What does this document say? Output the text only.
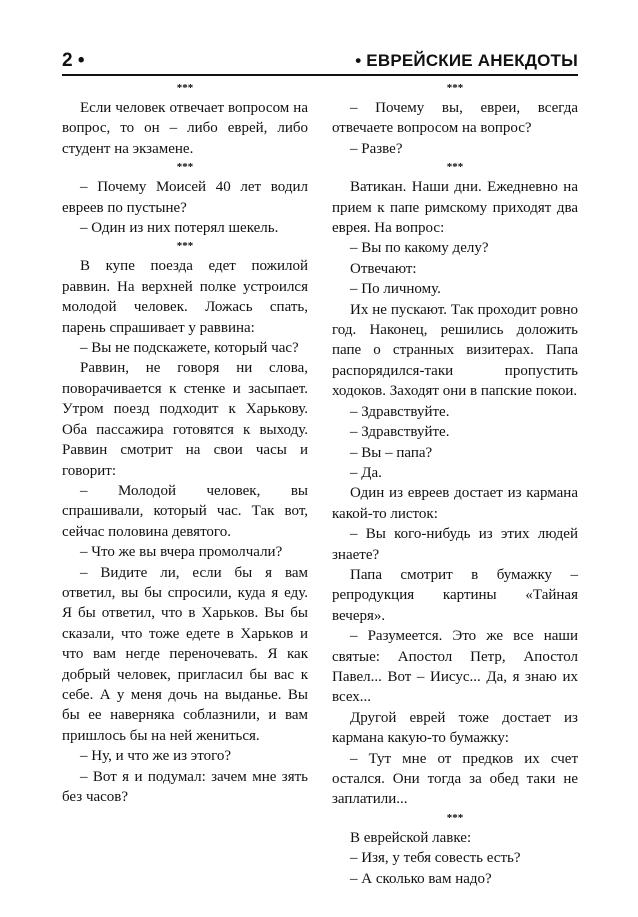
2 •	• ЕВРЕЙСКИЕ АНЕКДОТЫ
***

Если человек отвечает вопросом на вопрос, то он – либо еврей, либо студент на экзамене.

***

– Почему Моисей 40 лет водил евреев по пустыне?

– Один из них потерял шекель.

***

В купе поезда едет пожилой раввин. На верхней полке устроился молодой человек. Ложась спать, парень спрашивает у раввина:

– Вы не подскажете, который час?

Раввин, не говоря ни слова, поворачивается к стенке и засыпает. Утром поезд подходит к Харькову. Оба пассажира готовятся к выходу. Раввин смотрит на свои часы и говорит:

– Молодой человек, вы спрашивали, который час. Так вот, сейчас половина девятого.

– Что же вы вчера промолчали?

– Видите ли, если бы я вам ответил, вы бы спросили, куда я еду. Я бы ответил, что в Харьков. Вы бы сказали, что тоже едете в Харьков и что вам негде переночевать. Я как добрый человек, пригласил бы вас к себе. А у меня дочь на выданье. Вы бы ее наверняка соблазнили, и вам пришлось бы на ней жениться.

– Ну, и что же из этого?

– Вот я и подумал: зачем мне зять без часов?

***

– Почему вы, евреи, всегда отвечаете вопросом на вопрос?

– Разве?

***

Ватикан. Наши дни. Ежедневно на прием к папе римскому приходят два еврея. На вопрос:

– Вы по какому делу?

Отвечают:

– По личному.

Их не пускают. Так проходит ровно год. Наконец, решились доложить папе о странных визитерах. Папа распорядился-таки пропустить ходоков. Заходят они в папские покои.

– Здравствуйте.

– Здравствуйте.

– Вы – папа?

– Да.

Один из евреев достает из кармана какой-то листок:

– Вы кого-нибудь из этих людей знаете?

Папа смотрит в бумажку – репродукция картины «Тайная вечеря».

– Разумеется. Это же все наши святые: Апостол Петр, Апостол Павел... Вот – Иисус... Да, я знаю их всех...

Другой еврей тоже достает из кармана какую-то бумажку:

– Тут мне от предков их счет остался. Они тогда за обед таки не заплатили...

***

В еврейской лавке:

– Изя, у тебя совесть есть?

– А сколько вам надо?
